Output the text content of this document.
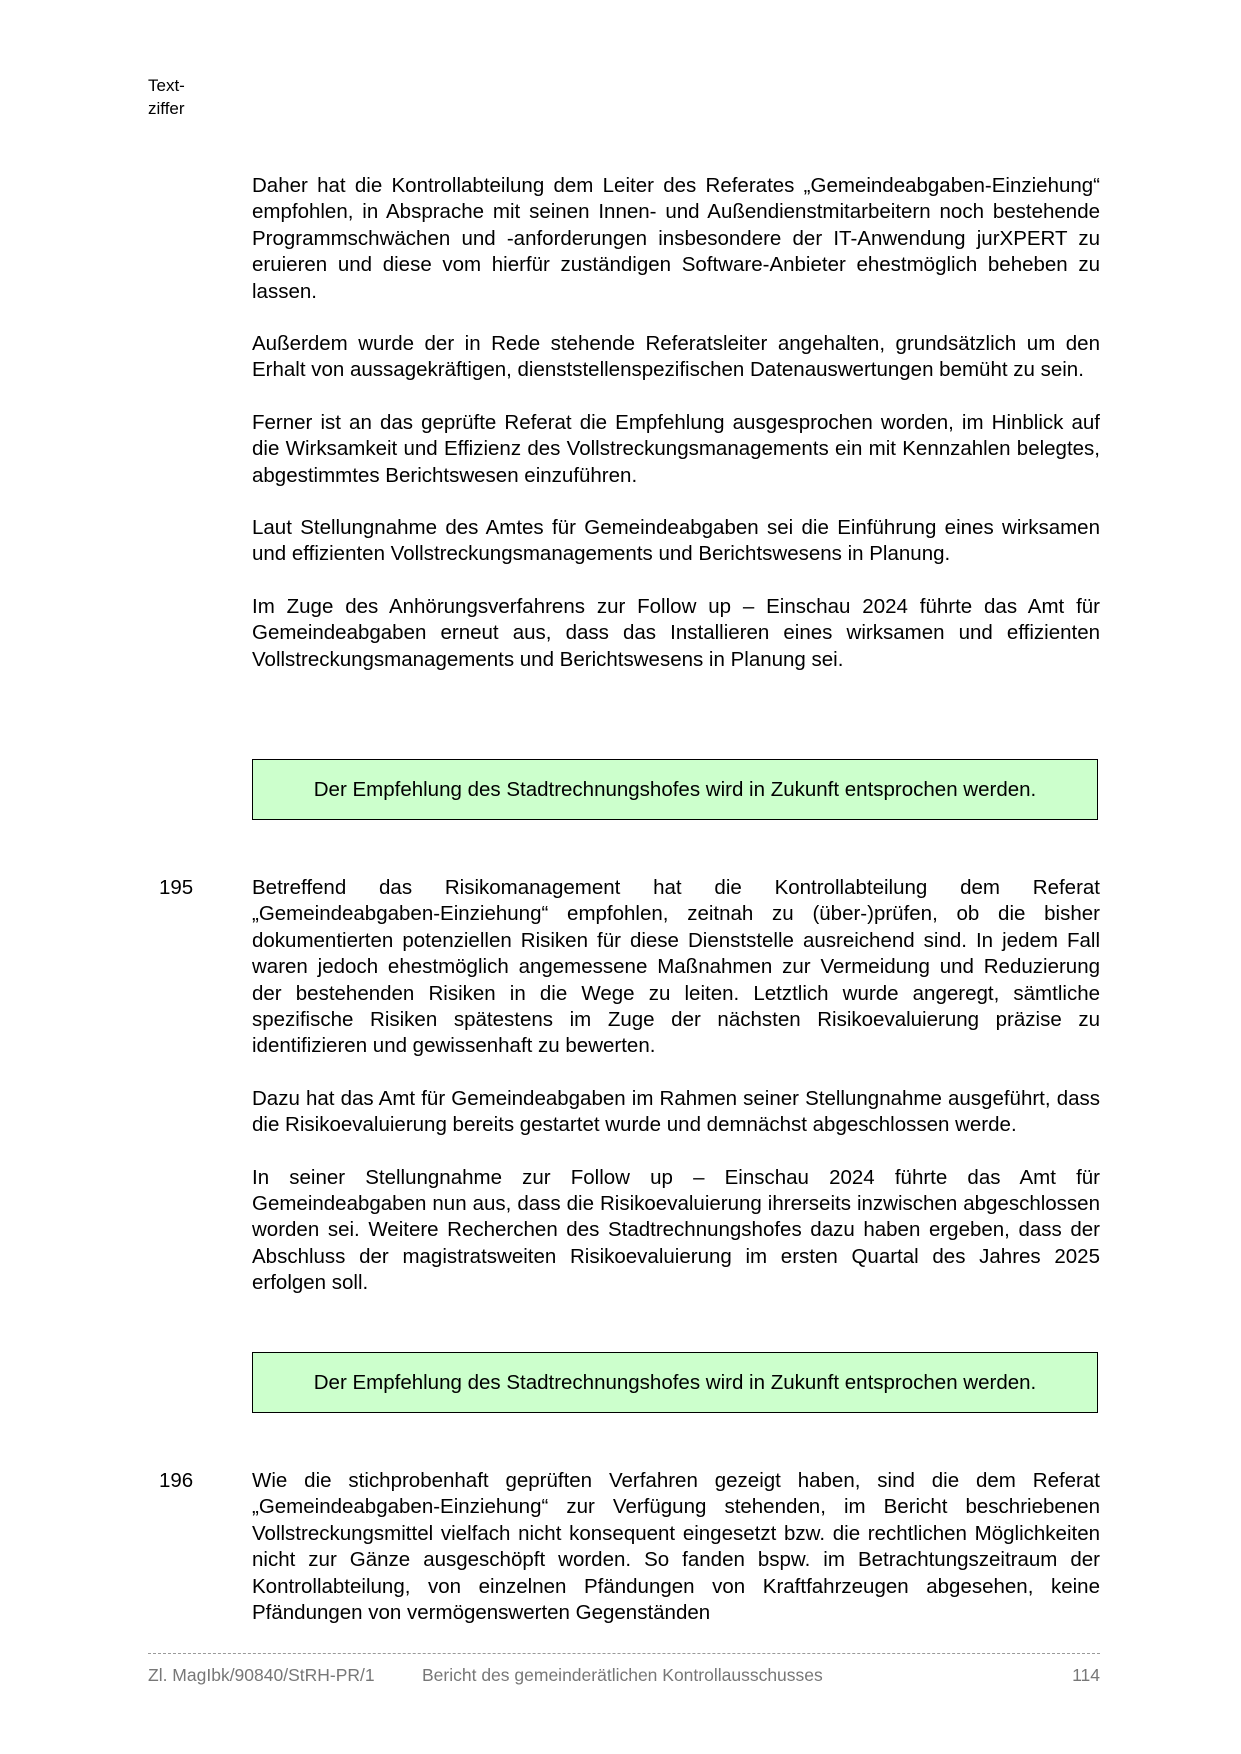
Text-
ziffer

Daher hat die Kontrollabteilung dem Leiter des Referates „Gemeindeabgaben-Einziehung“ empfohlen, in Absprache mit seinen Innen- und Außendienstmitarbeitern noch bestehende Programmschwächen und -anforderungen insbesondere der IT-Anwendung jurXPERT zu eruieren und diese vom hierfür zuständigen Software-Anbieter ehestmöglich beheben zu lassen.

Außerdem wurde der in Rede stehende Referatsleiter angehalten, grundsätzlich um den Erhalt von aussagekräftigen, dienststellenspezifischen Datenauswertungen bemüht zu sein.

Ferner ist an das geprüfte Referat die Empfehlung ausgesprochen worden, im Hinblick auf die Wirksamkeit und Effizienz des Vollstreckungsmanagements ein mit Kennzahlen belegtes, abgestimmtes Berichtswesen einzuführen.

Laut Stellungnahme des Amtes für Gemeindeabgaben sei die Einführung eines wirksamen und effizienten Vollstreckungsmanagements und Berichtswesens in Planung.

Im Zuge des Anhörungsverfahrens zur Follow up – Einschau 2024 führte das Amt für Gemeindeabgaben erneut aus, dass das Installieren eines wirksamen und effizienten Vollstreckungsmanagements und Berichtswesens in Planung sei.

Der Empfehlung des Stadtrechnungshofes wird in Zukunft entsprochen werden.
195	Betreffend das Risikomanagement hat die Kontrollabteilung dem Referat „Gemeindeabgaben-Einziehung“ empfohlen, zeitnah zu (über-)prüfen, ob die bisher dokumentierten potenziellen Risiken für diese Dienststelle ausreichend sind. In jedem Fall waren jedoch ehestmöglich angemessene Maßnahmen zur Vermeidung und Reduzierung der bestehenden Risiken in die Wege zu leiten. Letztlich wurde angeregt, sämtliche spezifische Risiken spätestens im Zuge der nächsten Risikoevaluierung präzise zu identifizieren und gewissenhaft zu bewerten.

Dazu hat das Amt für Gemeindeabgaben im Rahmen seiner Stellungnahme ausgeführt, dass die Risikoevaluierung bereits gestartet wurde und demnächst abgeschlossen werde.

In seiner Stellungnahme zur Follow up – Einschau 2024 führte das Amt für Gemeindeabgaben nun aus, dass die Risikoevaluierung ihrerseits inzwischen abgeschlossen worden sei. Weitere Recherchen des Stadtrechnungshofes dazu haben ergeben, dass der Abschluss der magistratsweiten Risikoevaluierung im ersten Quartal des Jahres 2025 erfolgen soll.

Der Empfehlung des Stadtrechnungshofes wird in Zukunft entsprochen werden.
196	Wie die stichprobenhaft geprüften Verfahren gezeigt haben, sind die dem Referat „Gemeindeabgaben-Einziehung“ zur Verfügung stehenden, im Bericht beschriebenen Vollstreckungsmittel vielfach nicht konsequent eingesetzt bzw. die rechtlichen Möglichkeiten nicht zur Gänze ausgeschöpft worden. So fanden bspw. im Betrachtungszeitraum der Kontrollabteilung, von einzelnen Pfändungen von Kraftfahrzeugen abgesehen, keine Pfändungen von vermögenswerten Gegenständen

Zl. MagIbk/90840/StRH-PR/1	Bericht des gemeinderätlichen Kontrollausschusses	114
